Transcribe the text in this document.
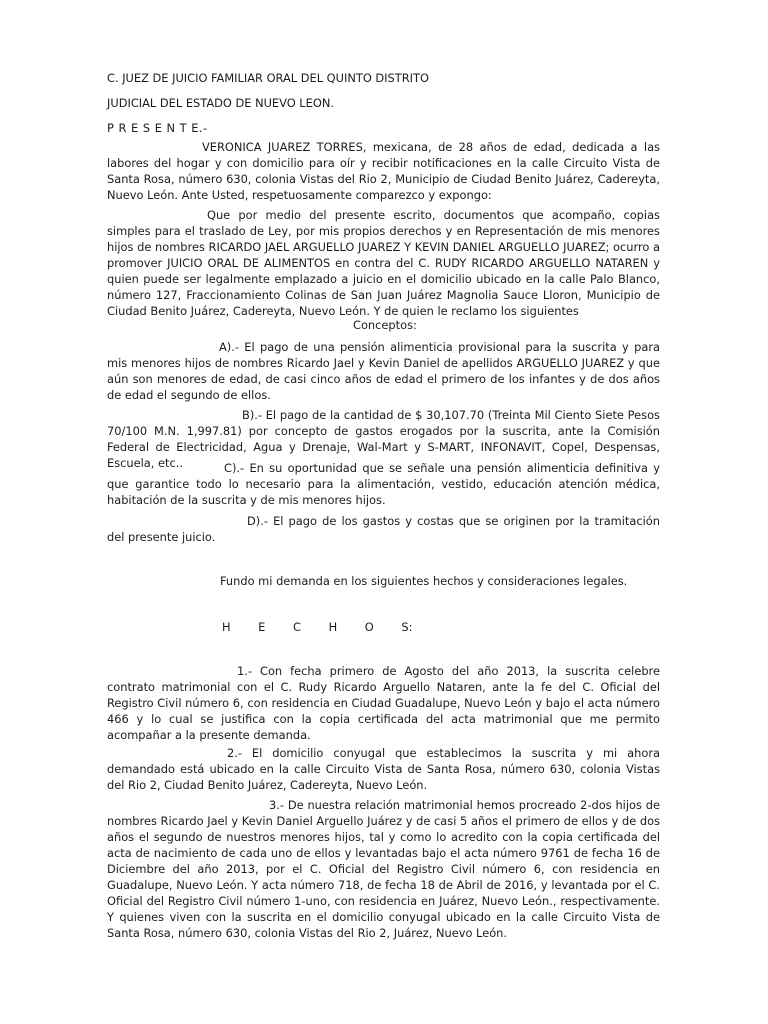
C. JUEZ DE JUICIO FAMILIAR ORAL DEL QUINTO DISTRITO

JUDICIAL DEL ESTADO DE NUEVO LEON.

P R E S E N T E.-

VERONICA JUAREZ TORRES, mexicana, de 28 años de edad, dedicada a las labores del hogar y con domicilio para oír y recibir notificaciones en la calle Circuito Vista de Santa Rosa, número 630, colonia Vistas del Rio 2, Municipio de Ciudad Benito Juárez, Cadereyta, Nuevo León. Ante Usted, respetuosamente comparezco y expongo:

Que por medio del presente escrito, documentos que acompaño, copias simples para el traslado de Ley, por mis propios derechos y en Representación de mis menores hijos de nombres RICARDO JAEL ARGUELLO JUAREZ Y KEVIN DANIEL ARGUELLO JUAREZ; ocurro a promover JUICIO ORAL DE ALIMENTOS en contra del C. RUDY RICARDO ARGUELLO NATAREN y quien puede ser legalmente emplazado a juicio en el domicilio ubicado en la calle Palo Blanco, número 127, Fraccionamiento Colinas de San Juan Juárez Magnolia Sauce Lloron, Municipio de Ciudad Benito Juárez, Cadereyta, Nuevo León. Y de quien le reclamo los siguientes

Conceptos:

A).- El pago de una pensión alimenticia provisional para la suscrita y para mis menores hijos de nombres Ricardo Jael y Kevin Daniel de apellidos ARGUELLO JUAREZ y que aún son menores de edad, de casi cinco años de edad el primero de los infantes y de dos años de edad el segundo de ellos.

B).- El pago de la cantidad de $ 30,107.70 (Treinta Mil Ciento Siete Pesos 70/100 M.N. 1,997.81) por concepto de gastos erogados por la suscrita, ante la Comisión Federal de Electricidad, Agua y Drenaje, Wal-Mart y S-MART, INFONAVIT, Copel, Despensas, Escuela, etc..	C).- En su oportunidad que se señale una pensión alimenticia definitiva y que garantice todo lo necesario para la alimentación, vestido, educación atención médica, habitación de la suscrita y de mis menores hijos.

D).- El pago de los gastos y costas que se originen por la tramitación del presente juicio.

Fundo mi demanda en los siguientes hechos y consideraciones legales.

H E C H O S:

1.- Con fecha primero de Agosto del año 2013, la suscrita celebre contrato matrimonial con el C. Rudy Ricardo Arguello Nataren, ante la fe del C. Oficial del Registro Civil número 6, con residencia en Ciudad Guadalupe, Nuevo León y bajo el acta número 466 y lo cual se justifica con la copia certificada del acta matrimonial que me permito acompañar a la presente demanda.

2.- El domicilio conyugal que establecimos la suscrita y mi ahora demandado está ubicado en la calle Circuito Vista de Santa Rosa, número 630, colonia Vistas del Rio 2, Ciudad Benito Juárez, Cadereyta, Nuevo León.

3.- De nuestra relación matrimonial hemos procreado 2-dos hijos de nombres Ricardo Jael y Kevin Daniel Arguello Juárez y de casi 5 años el primero de ellos y de dos años el segundo de nuestros menores hijos, tal y como lo acredito con la copia certificada del acta de nacimiento de cada uno de ellos y levantadas bajo el acta número 9761 de fecha 16 de Diciembre del año 2013, por el C. Oficial del Registro Civil número 6, con residencia en Guadalupe, Nuevo León. Y acta número 718, de fecha 18 de Abril de 2016, y levantada por el C. Oficial del Registro Civil número 1-uno, con residencia en Juárez, Nuevo León., respectivamente. Y quienes viven con la suscrita en el domicilio conyugal ubicado en la calle Circuito Vista de Santa Rosa, número 630, colonia Vistas del Rio 2, Juárez, Nuevo León.
